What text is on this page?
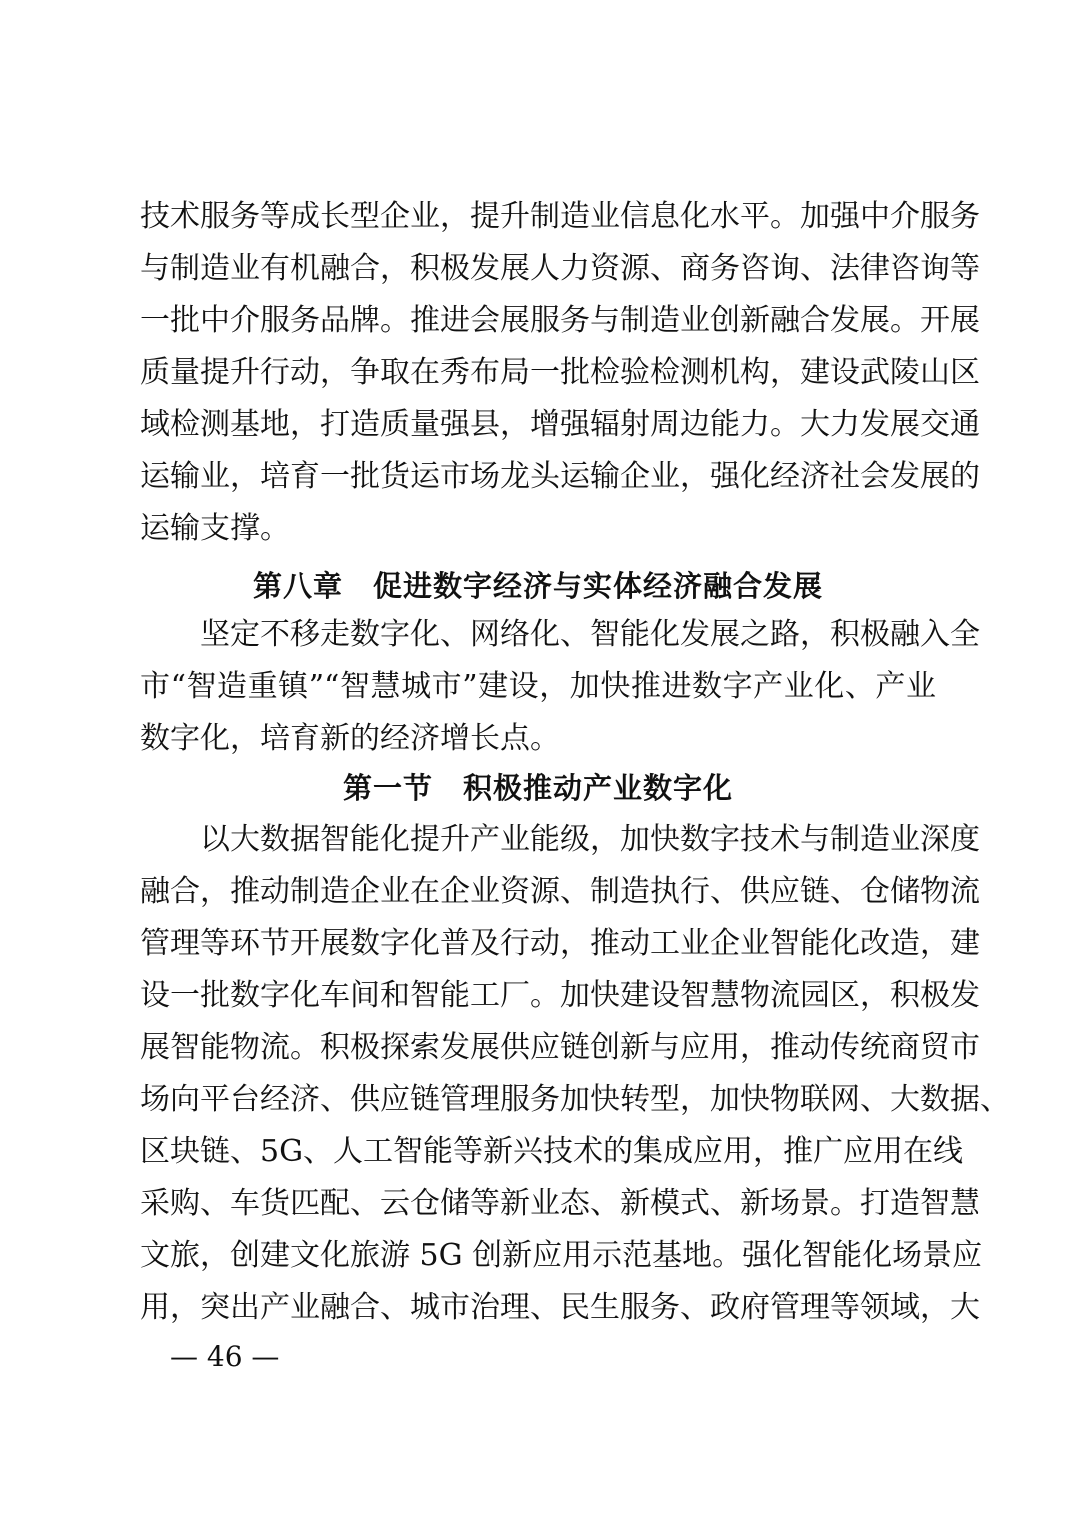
技术服务等成长型企业，提升制造业信息化水平。加强中介服务
与制造业有机融合，积极发展人力资源、商务咨询、法律咨询等
一批中介服务品牌。推进会展服务与制造业创新融合发展。开展
质量提升行动，争取在秀布局一批检验检测机构，建设武陵山区
域检测基地，打造质量强县，增强辐射周边能力。大力发展交通
运输业，培育一批货运市场龙头运输企业，强化经济社会发展的
运输支撑。
第八章　促进数字经济与实体经济融合发展
坚定不移走数字化、网络化、智能化发展之路，积极融入全
市“智造重镇”“智慧城市”建设，加快推进数字产业化、产业
数字化，培育新的经济增长点。
第一节　积极推动产业数字化
以大数据智能化提升产业能级，加快数字技术与制造业深度
融合，推动制造企业在企业资源、制造执行、供应链、仓储物流
管理等环节开展数字化普及行动，推动工业企业智能化改造，建
设一批数字化车间和智能工厂。加快建设智慧物流园区，积极发
展智能物流。积极探索发展供应链创新与应用，推动传统商贸市
场向平台经济、供应链管理服务加快转型，加快物联网、大数据、
区块链、5G、人工智能等新兴技术的集成应用，推广应用在线
采购、车货匹配、云仓储等新业态、新模式、新场景。打造智慧
文旅，创建文化旅游 5G 创新应用示范基地。强化智能化场景应
用，突出产业融合、城市治理、民生服务、政府管理等领域，大
— 46 —
